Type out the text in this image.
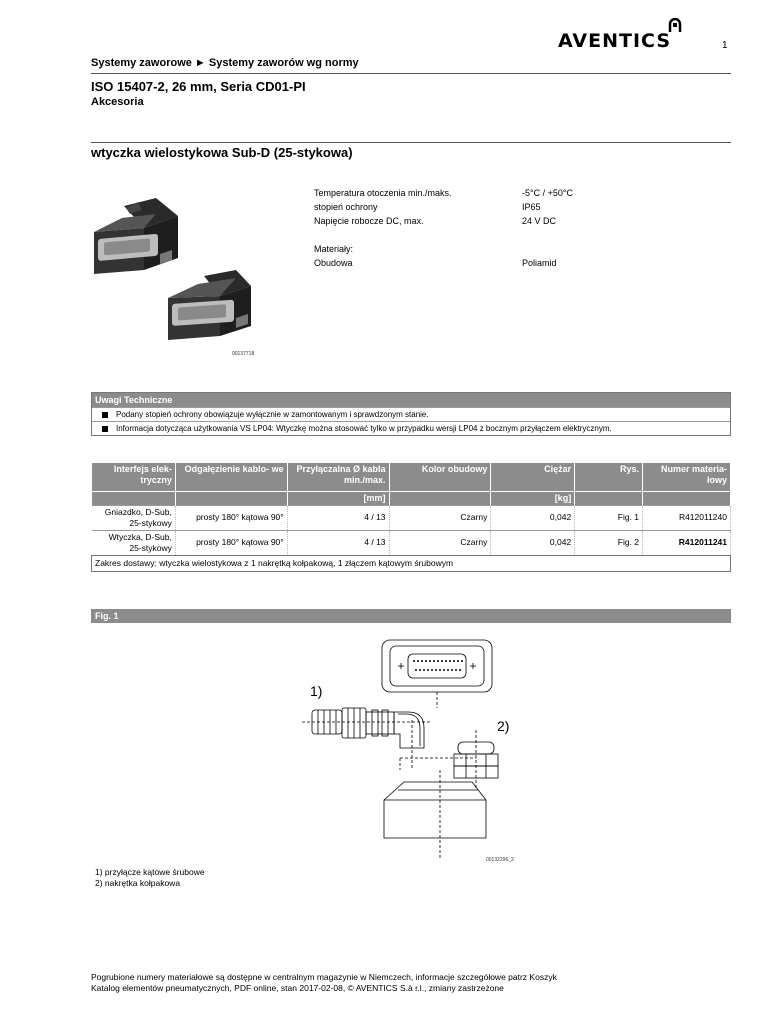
AVENTICS	1
Systemy zaworowe ► Systemy zaworów wg normy
ISO 15407-2, 26 mm, Seria CD01-PI
Akcesoria
wtyczka wielostykowa Sub-D (25-stykowa)
00137718
Temperatura otoczenia min./maks.	-5°C / +50°C
stopień ochrony	IP65
Napięcie robocze DC, max.	24 V DC
Materiały:
Obudowa	Poliamid
Uwagi Techniczne
Podany stopień ochrony obowiązuje wyłącznie w zamontowanym i sprawdzonym stanie.
Informacja dotycząca użytkowania VS LP04: Wtyczkę można stosować tylko w przypadku wersji LP04 z bocznym przyłączem elektrycznym.
Interfejs elek- tryczny	Odgałęzienie kablo- we	Przyłączalna Ø kabla min./max.	Kolor obudowy	Ciężar	Rys.	Numer materia- łowy
		[mm]		[kg]		
Gniazdko, D-Sub, 25-stykowy	prosty 180° kątowa 90°	4 / 13	Czarny	0,042	Fig. 1	R412011240
Wtyczka, D-Sub, 25-stykowy	prosty 180° kątowa 90°	4 / 13	Czarny	0,042	Fig. 2	R412011241
Zakres dostawy: wtyczka wielostykowa z 1 nakrętką kołpakową, 1 złączem kątowym śrubowym						
Fig. 1
1)
2)
00132296_2
1) przyłącze kątowe śrubowe
2) nakrętka kołpakowa
Pogrubione numery materiałowe są dostępne w centralnym magazynie w Niemczech, informacje szczegółowe patrz Koszyk
Katalog elementów pneumatycznych, PDF online, stan 2017-02-08, © AVENTICS S.à r.l., zmiany zastrzeżone
